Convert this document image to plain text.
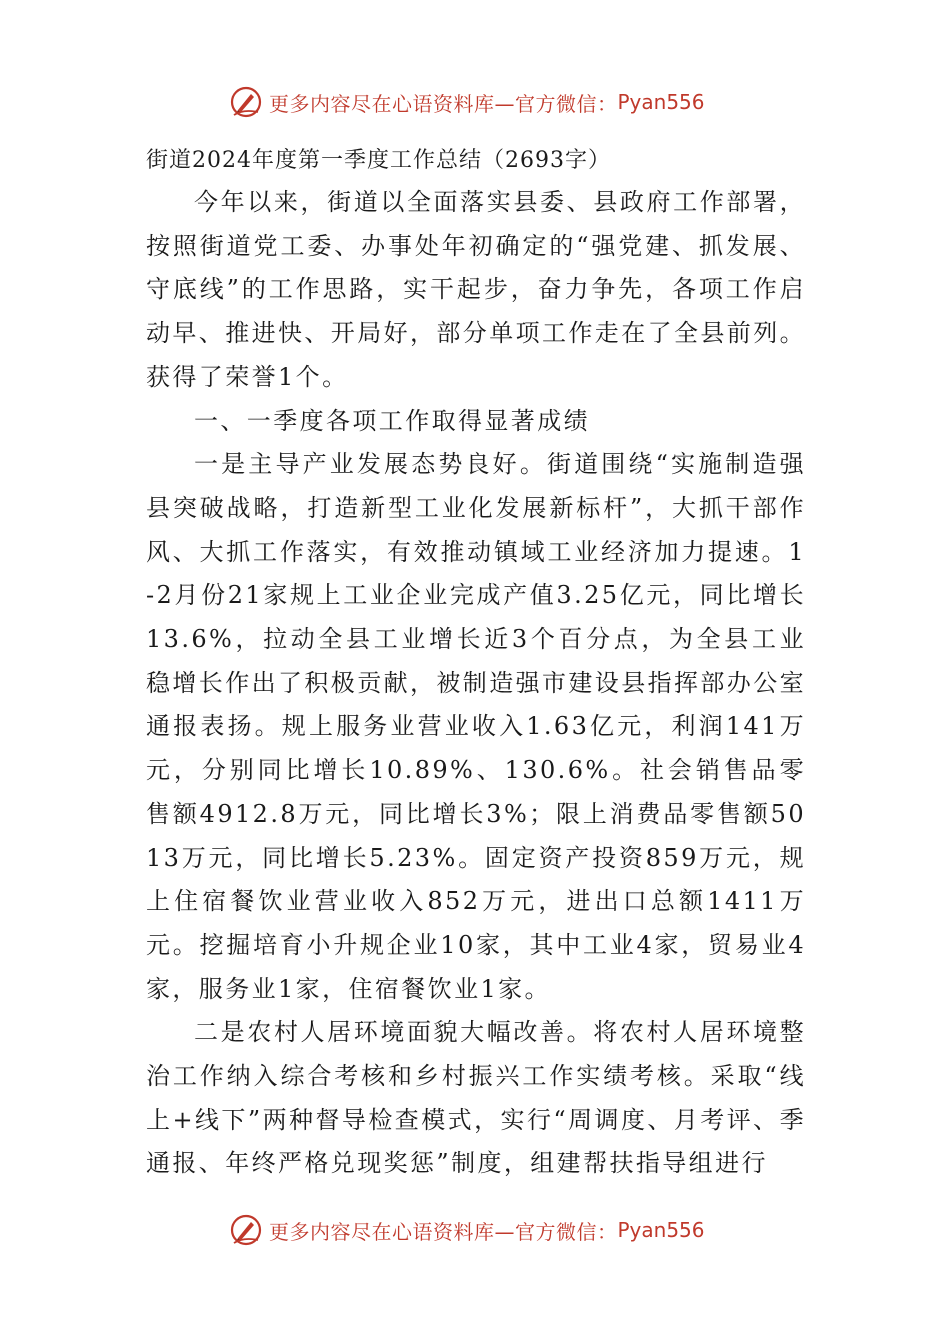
更多内容尽在心语资料库—官方微信： Pyan556

街道2024年度第一季度工作总结（2693字）

今年以来，街道以全面落实县委、县政府工作部署，按照街道党工委、办事处年初确定的“强党建、抓发展、守底线”的工作思路，实干起步，奋力争先，各项工作启动早、推进快、开局好，部分单项工作走在了全县前列。获得了荣誉1个。

一、一季度各项工作取得显著成绩

一是主导产业发展态势良好。街道围绕“实施制造强县突破战略，打造新型工业化发展新标杆”，大抓干部作风、大抓工作落实，有效推动镇域工业经济加力提速。1-2月份21家规上工业企业完成产值3.25亿元，同比增长13.6%，拉动全县工业增长近3个百分点，为全县工业稳增长作出了积极贡献，被制造强市建设县指挥部办公室通报表扬。规上服务业营业收入1.63亿元，利润141万元，分别同比增长10.89%、130.6%。社会销售品零售额4912.8万元，同比增长3%；限上消费品零售额5013万元，同比增长5.23%。固定资产投资859万元，规上住宿餐饮业营业收入852万元，进出口总额1411万元。挖掘培育小升规企业10家，其中工业4家，贸易业4家，服务业1家，住宿餐饮业1家。

二是农村人居环境面貌大幅改善。将农村人居环境整治工作纳入综合考核和乡村振兴工作实绩考核。采取“线上+线下”两种督导检查模式，实行“周调度、月考评、季通报、年终严格兑现奖惩”制度，组建帮扶指导组进行

更多内容尽在心语资料库—官方微信： Pyan556
